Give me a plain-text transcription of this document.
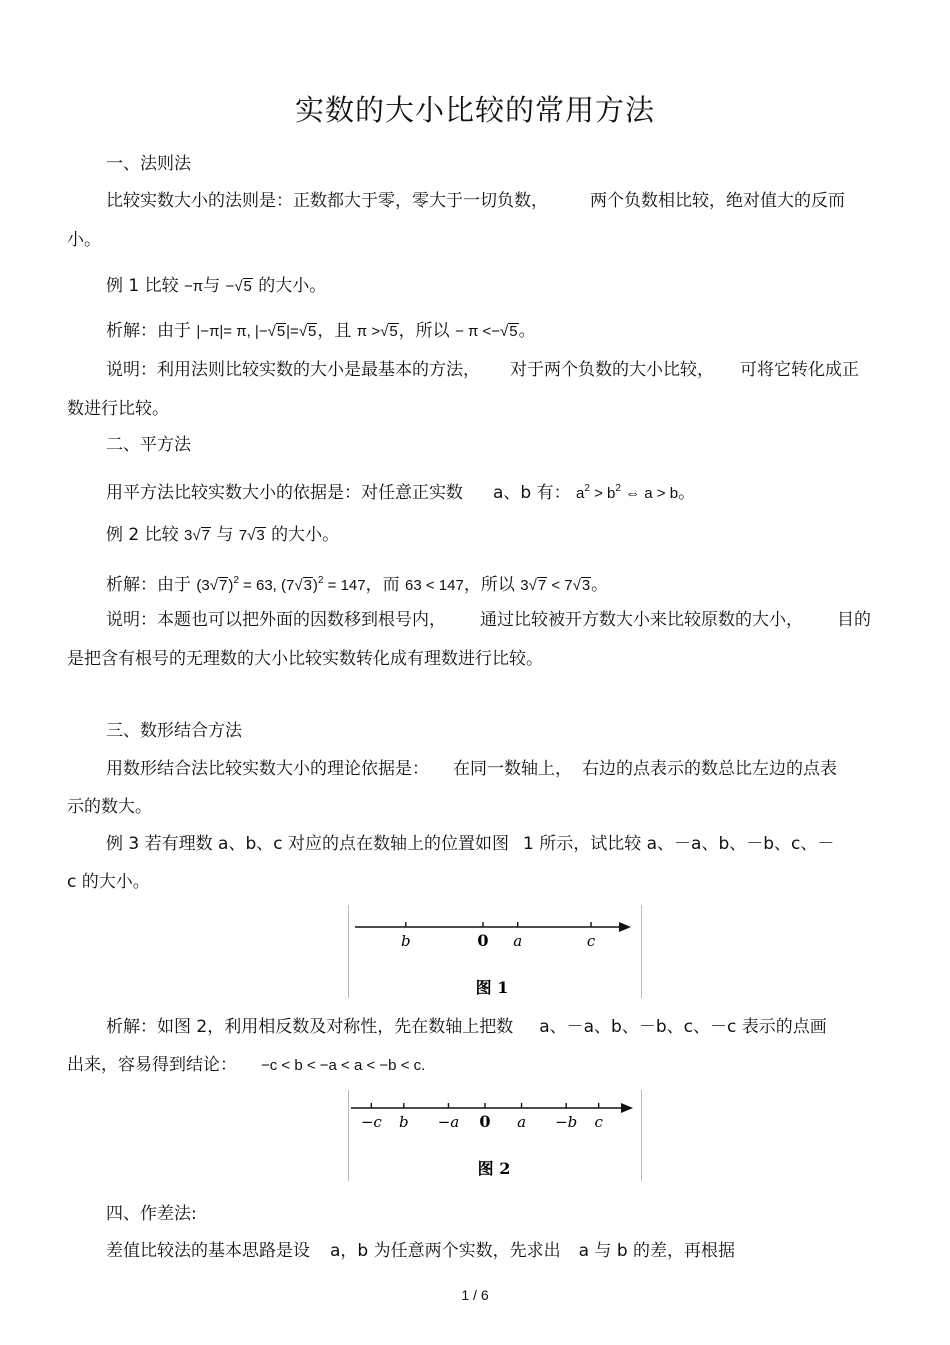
实数的大小比较的常用方法
一、法则法
比较实数大小的法则是：正数都大于零，零大于一切负数， 两个负数相比较，绝对值大的反而
小。
例 1 比较 −π与 −√5 的大小。
析解：由于 |−π|= π, |−√5|=√5，且 π >√5，所以 − π <−√5。
说明：利用法则比较实数的大小是最基本的方法， 对于两个负数的大小比较， 可将它转化成正
数进行比较。
二、平方法
用平方法比较实数大小的依据是：对任意正实数 a、b 有： $a^2 > b^2$ ⇔ a > b。
例 2 比较 3√7 与 7√3 的大小。
析解：由于 $(3√7)^2 = 63$, $(7√3)^2 = 147$，而 63 < 147，所以 3√7 < 7√3。
说明：本题也可以把外面的因数移到根号内， 通过比较被开方数大小来比较原数的大小， 目的
是把含有根号的无理数的大小比较实数转化成有理数进行比较。
三、数形结合方法
用数形结合法比较实数大小的理论依据是： 在同一数轴上， 右边的点表示的数总比左边的点表
示的数大。
例 3 若有理数 a、b、c 对应的点在数轴上的位置如图 1 所示，试比较 a、－a、b、－b、c、－
c 的大小。
b	0 a	c
图 1
析解：如图 2，利用相反数及对称性，先在数轴上把数 a、－a、b、－b、c、－c 表示的点画
出来，容易得到结论： −c < b < −a < a < −b < c.
−c b −a 0 a −b c
图 2
四、作差法:
差值比较法的基本思路是设 a，b 为任意两个实数，先求出 a 与 b 的差，再根据
1 / 6
